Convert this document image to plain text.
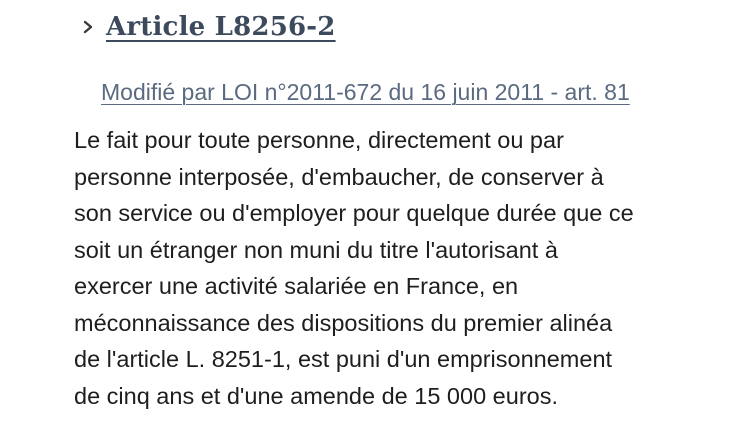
Article L8256-2
Modifié par LOI n°2011-672 du 16 juin 2011 - art. 81

Le fait pour toute personne, directement ou par
personne interposée, d'embaucher, de conserver à
son service ou d'employer pour quelque durée que ce
soit un étranger non muni du titre l'autorisant à
exercer une activité salariée en France, en
méconnaissance des dispositions du premier alinéa
de l'article L. 8251-1, est puni d'un emprisonnement
de cinq ans et d'une amende de 15 000 euros.
